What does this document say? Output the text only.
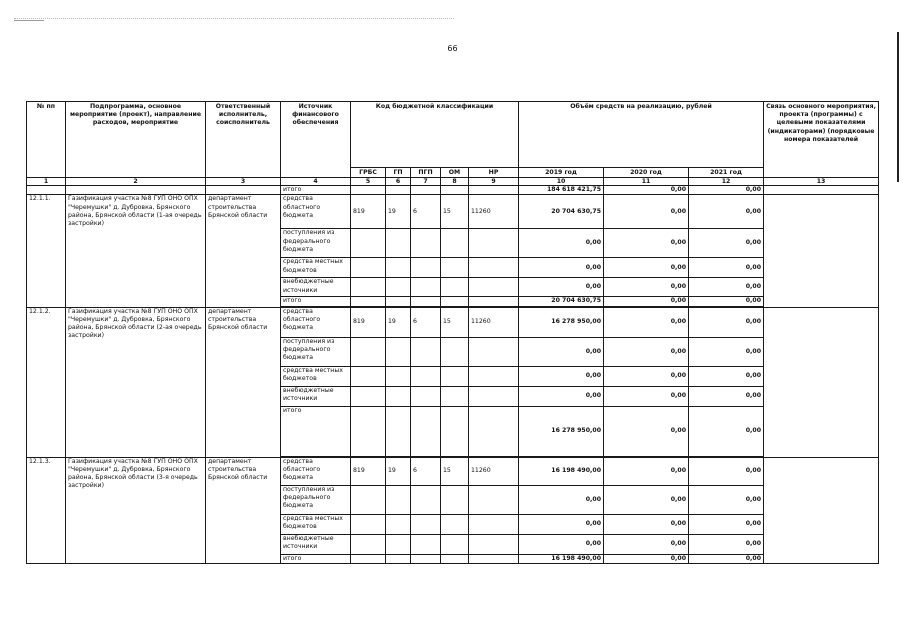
66
№ пп	Подпрограмма, основное мероприятие (проект), направление расходов, мероприятие	Ответственный исполнитель, соисполнитель	Источник финансового обеспечения	Код бюджетной классификации					Объём средств на реализацию, рублей			Связь основного мероприятия, проекта (программы) с целевыми показателями (индикаторами) (порядковые номера показателей
				ГРБС	ГП	ПГП	ОМ	НР	2019 год	2020 год	2021 год	
1	2	3	4	5	6	7	8	9	10	11	12	13
			итого						184 618 421,75	0,00	0,00	
12.1.1.	Газификация участка №8 ГУП ОНО ОПХ "Черемушки" д. Дубровка, Брянского района, Брянской области (1-ая очередь застройки)	департамент строительства Брянской области	средства областного бюджета	819	19	6	15	11260	20 704 630,75	0,00	0,00	
			поступления из федерального бюджета						0,00	0,00	0,00	
			средства местных бюджетов						0,00	0,00	0,00	
			внебюджетные источники						0,00	0,00	0,00	
			итого						20 704 630,75	0,00	0,00	

12.1.2.	Газификация участка №8 ГУП ОНО ОПХ "Черемушки" д. Дубровка, Брянского района, Брянской области (2-ая очередь застройки)	департамент строительства Брянской области	средства областного бюджета	819	19	6	15	11260	16 278 950,00	0,00	0,00	
			поступления из федерального бюджета						0,00	0,00	0,00	
			средства местных бюджетов						0,00	0,00	0,00	
			внебюджетные источники						0,00	0,00	0,00	
			итого						16 278 950,00	0,00	0,00	

12.1.3.	Газификация участка №8 ГУП ОНО ОПХ "Черемушки" д. Дубровка, Брянского района, Брянской области (3-я очередь застройки)	департамент строительства Брянской области	средства областного бюджета	819	19	6	15	11260	16 198 490,00	0,00	0,00	
			поступления из федерального бюджета						0,00	0,00	0,00	
			средства местных бюджетов						0,00	0,00	0,00	
			внебюджетные источники						0,00	0,00	0,00	
			итого						16 198 490,00	0,00	0,00	
